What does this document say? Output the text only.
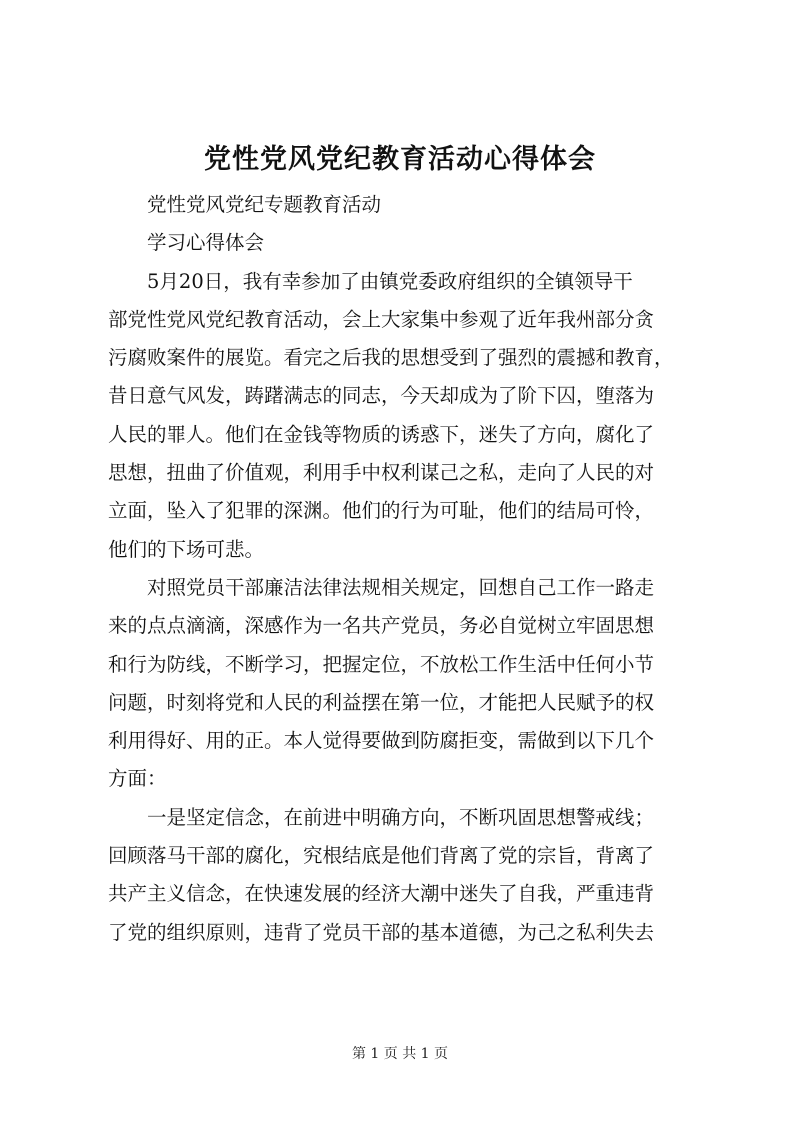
党性党风党纪教育活动心得体会

党性党风党纪专题教育活动

学习心得体会

5月20日，我有幸参加了由镇党委政府组织的全镇领导干
部党性党风党纪教育活动，会上大家集中参观了近年我州部分贪
污腐败案件的展览。看完之后我的思想受到了强烈的震撼和教育，
昔日意气风发，踌躇满志的同志，今天却成为了阶下囚，堕落为
人民的罪人。他们在金钱等物质的诱惑下，迷失了方向，腐化了
思想，扭曲了价值观，利用手中权利谋己之私，走向了人民的对
立面，坠入了犯罪的深渊。他们的行为可耻，他们的结局可怜，
他们的下场可悲。

对照党员干部廉洁法律法规相关规定，回想自己工作一路走
来的点点滴滴，深感作为一名共产党员，务必自觉树立牢固思想
和行为防线，不断学习，把握定位，不放松工作生活中任何小节
问题，时刻将党和人民的利益摆在第一位，才能把人民赋予的权
利用得好、用的正。本人觉得要做到防腐拒变，需做到以下几个
方面：

一是坚定信念，在前进中明确方向，不断巩固思想警戒线；
回顾落马干部的腐化，究根结底是他们背离了党的宗旨，背离了
共产主义信念，在快速发展的经济大潮中迷失了自我，严重违背
了党的组织原则，违背了党员干部的基本道德，为己之私利失去

第 1 页 共 1 页
